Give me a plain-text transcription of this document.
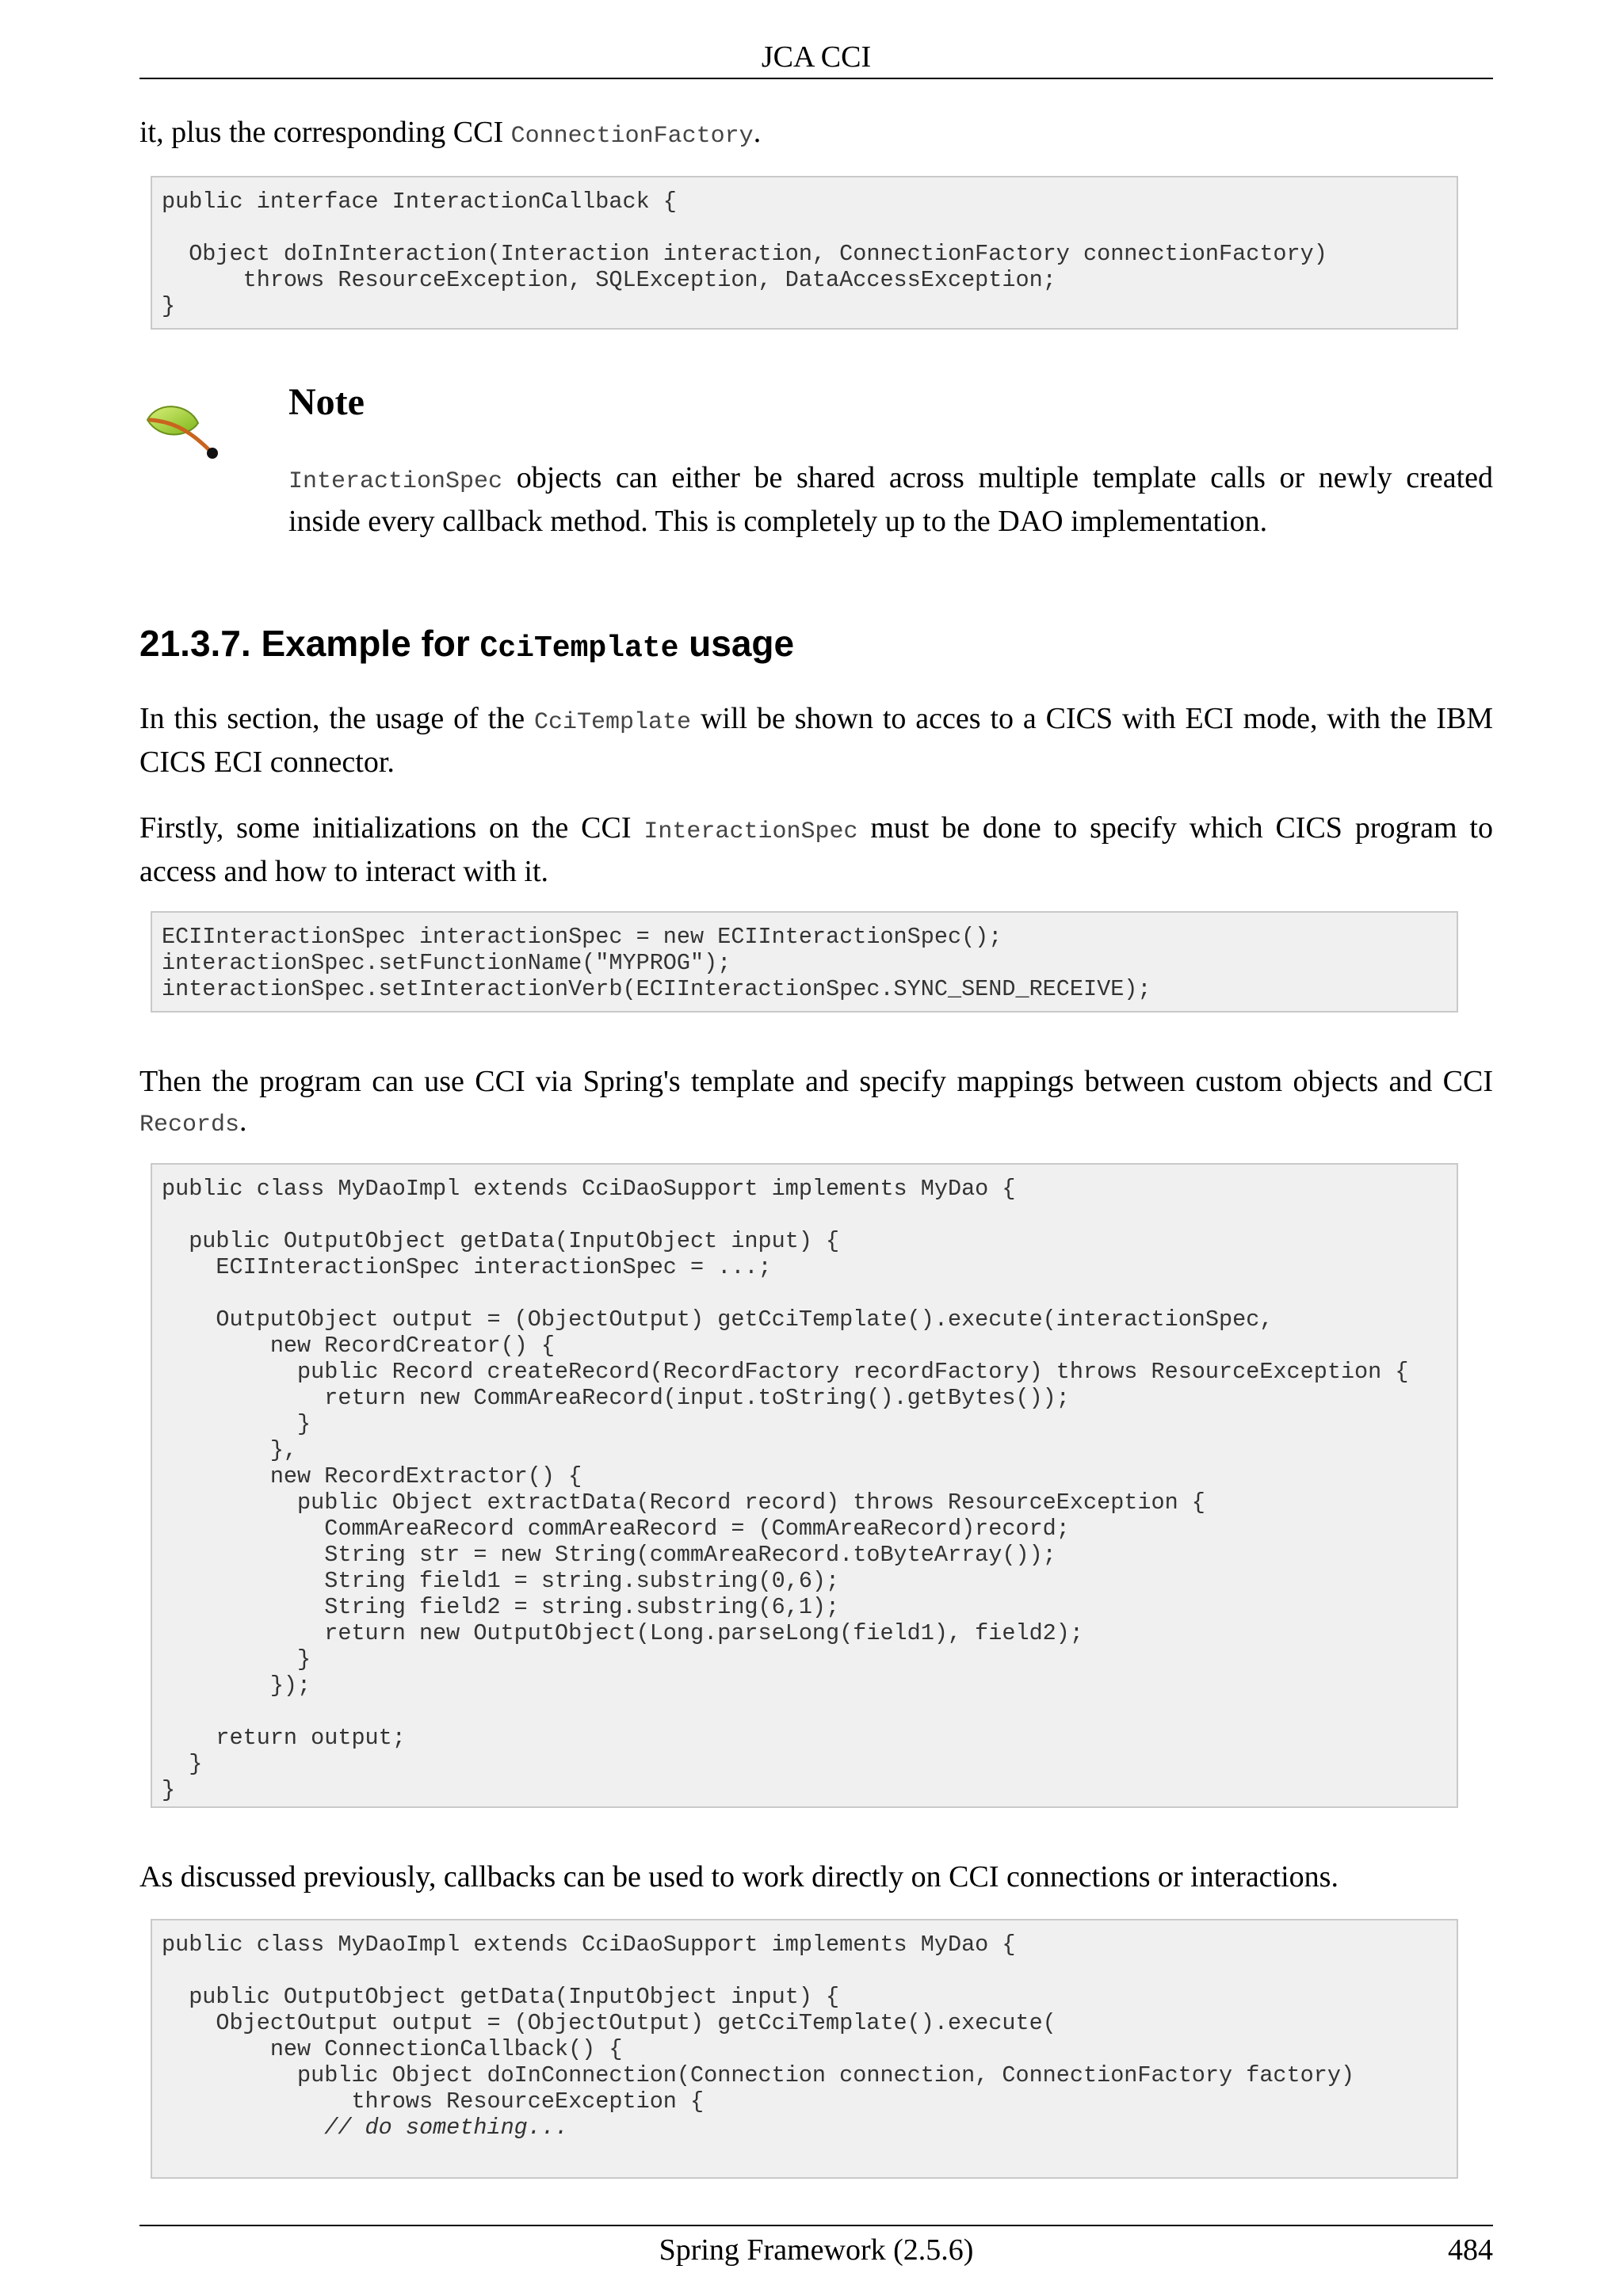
JCA CCI

it, plus the corresponding CCI ConnectionFactory.

public interface InteractionCallback {

Object doInInteraction(Interaction interaction, ConnectionFactory connectionFactory)
throws ResourceException, SQLException, DataAccessException;
}
Note

InteractionSpec objects can either be shared across multiple template calls or newly created inside every callback method. This is completely up to the DAO implementation.

21.3.7. Example for CciTemplate usage

In this section, the usage of the CciTemplate will be shown to acces to a CICS with ECI mode, with the IBM CICS ECI connector.

Firstly, some initializations on the CCI InteractionSpec must be done to specify which CICS program to access and how to interact with it.

ECIInteractionSpec interactionSpec = new ECIInteractionSpec();
interactionSpec.setFunctionName("MYPROG");
interactionSpec.setInteractionVerb(ECIInteractionSpec.SYNC_SEND_RECEIVE);

Then the program can use CCI via Spring's template and specify mappings between custom objects and CCI Records.

public class MyDaoImpl extends CciDaoSupport implements MyDao {

public OutputObject getData(InputObject input) {
ECIInteractionSpec interactionSpec = ...;

OutputObject output = (ObjectOutput) getCciTemplate().execute(interactionSpec,
new RecordCreator() {
public Record createRecord(RecordFactory recordFactory) throws ResourceException {
return new CommAreaRecord(input.toString().getBytes());
}
},
new RecordExtractor() {
public Object extractData(Record record) throws ResourceException {
CommAreaRecord commAreaRecord = (CommAreaRecord)record;
String str = new String(commAreaRecord.toByteArray());
String field1 = string.substring(0,6);
String field2 = string.substring(6,1);
return new OutputObject(Long.parseLong(field1), field2);
}
});

return output;
}
}

As discussed previously, callbacks can be used to work directly on CCI connections or interactions.

public class MyDaoImpl extends CciDaoSupport implements MyDao {

public OutputObject getData(InputObject input) {
ObjectOutput output = (ObjectOutput) getCciTemplate().execute(
new ConnectionCallback() {
public Object doInConnection(Connection connection, ConnectionFactory factory)
throws ResourceException {
// do something...
Spring Framework (2.5.6)	484
